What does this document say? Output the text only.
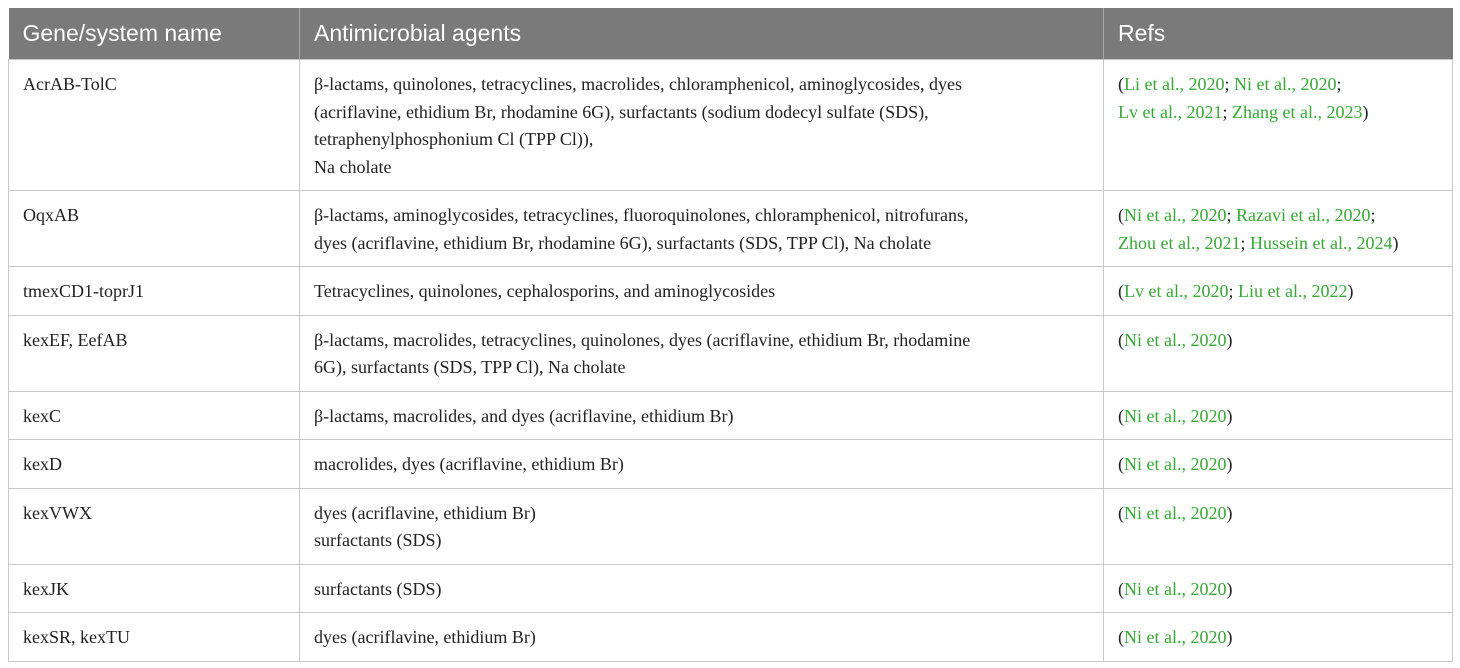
Gene/system name	Antimicrobial agents	Refs
AcrAB-TolC	β-lactams, quinolones, tetracyclines, macrolides, chloramphenicol, aminoglycosides, dyes
(acriflavine, ethidium Br, rhodamine 6G), surfactants (sodium dodecyl sulfate (SDS),
tetraphenylphosphonium Cl (TPP Cl)),
Na cholate	(Li et al., 2020; Ni et al., 2020;
Lv et al., 2021; Zhang et al., 2023)

OqxAB	β-lactams, aminoglycosides, tetracyclines, fluoroquinolones, chloramphenicol, nitrofurans,
dyes (acriflavine, ethidium Br, rhodamine 6G), surfactants (SDS, TPP Cl), Na cholate	(Ni et al., 2020; Razavi et al., 2020;
Zhou et al., 2021; Hussein et al., 2024)

tmexCD1-toprJ1	Tetracyclines, quinolones, cephalosporins, and aminoglycosides	(Lv et al., 2020; Liu et al., 2022)

kexEF, EefAB	β-lactams, macrolides, tetracyclines, quinolones, dyes (acriflavine, ethidium Br, rhodamine
6G), surfactants (SDS, TPP Cl), Na cholate	(Ni et al., 2020)

kexC	β-lactams, macrolides, and dyes (acriflavine, ethidium Br)	(Ni et al., 2020)

kexD	macrolides, dyes (acriflavine, ethidium Br)	(Ni et al., 2020)

kexVWX	dyes (acriflavine, ethidium Br)
surfactants (SDS)	(Ni et al., 2020)

kexJK	surfactants (SDS)	(Ni et al., 2020)

kexSR, kexTU	dyes (acriflavine, ethidium Br)	(Ni et al., 2020)
